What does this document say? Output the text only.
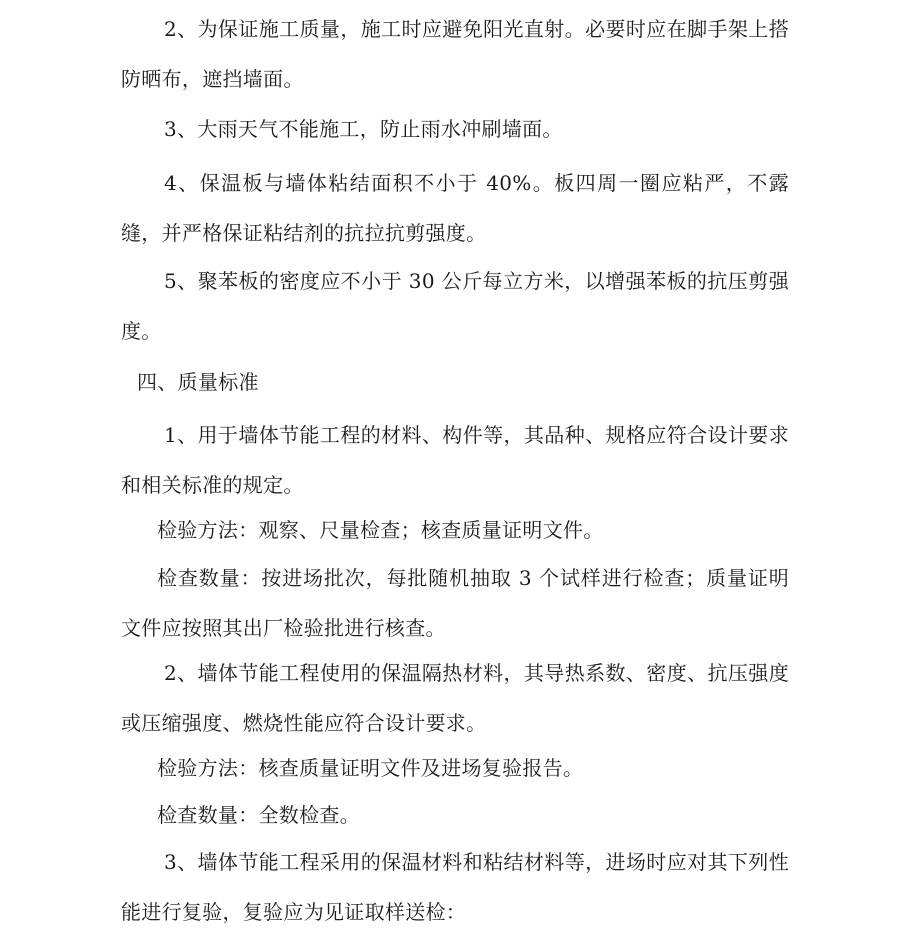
2、为保证施工质量，施工时应避免阳光直射。必要时应在脚手架上搭防晒布，遮挡墙面。

3、大雨天气不能施工，防止雨水冲刷墙面。

4、保温板与墙体粘结面积不小于 40%。板四周一圈应粘严，不露缝，并严格保证粘结剂的抗拉抗剪强度。

5、聚苯板的密度应不小于 30 公斤每立方米，以增强苯板的抗压剪强度。

四、质量标准

1、用于墙体节能工程的材料、构件等，其品种、规格应符合设计要求和相关标准的规定。

检验方法：观察、尺量检查；核查质量证明文件。

检查数量：按进场批次，每批随机抽取 3 个试样进行检查；质量证明文件应按照其出厂检验批进行核查。

2、墙体节能工程使用的保温隔热材料，其导热系数、密度、抗压强度或压缩强度、燃烧性能应符合设计要求。

检验方法：核查质量证明文件及进场复验报告。

检查数量：全数检查。

3、墙体节能工程采用的保温材料和粘结材料等，进场时应对其下列性能进行复验，复验应为见证取样送检：
